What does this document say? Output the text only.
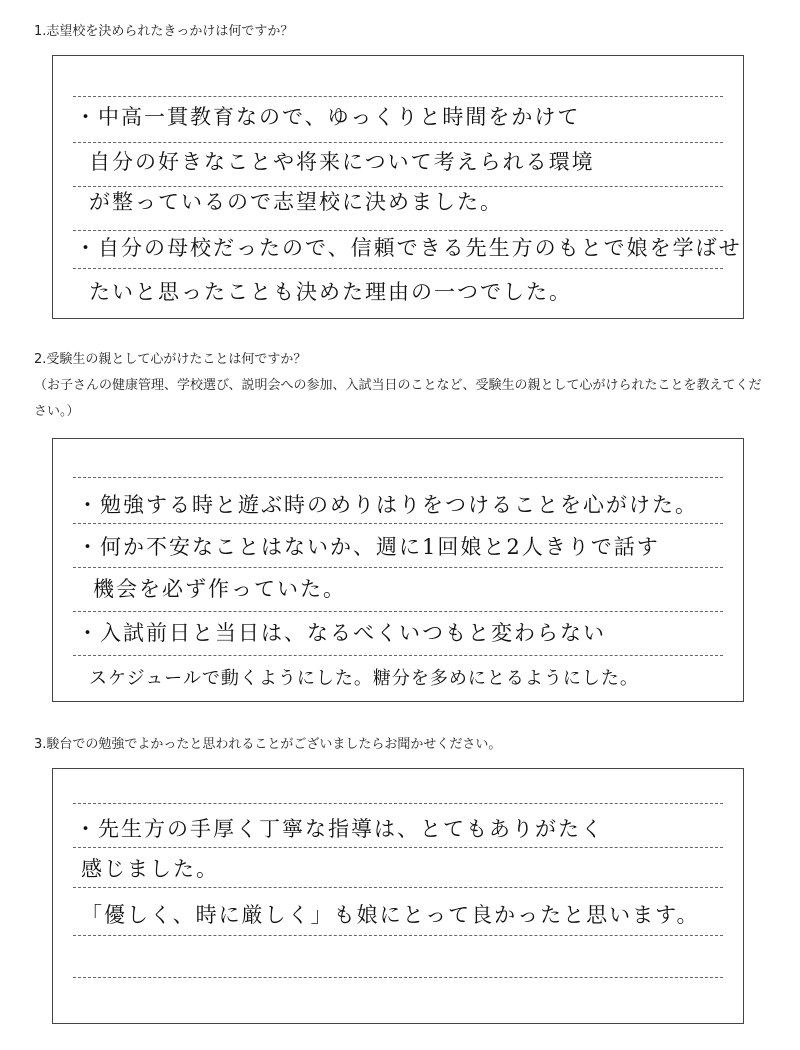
1.志望校を決められたきっかけは何ですか？

・中高一貫教育なので、ゆっくりと時間をかけて

自分の好きなことや将来について考えられる環境

が整っているので志望校に決めました。

・自分の母校だったので、信頼できる先生方のもとで娘を学ばせ

たいと思ったことも決めた理由の一つでした。

2.受験生の親として心がけたことは何ですか？

（お子さんの健康管理、学校選び、説明会への参加、入試当日のことなど、受験生の親として心がけられたことを教えてください。）

・勉強する時と遊ぶ時のめりはりをつけることを心がけた。

・何か不安なことはないか、週に1回娘と2人きりで話す

機会を必ず作っていた。

・入試前日と当日は、なるべくいつもと変わらない

スケジュールで動くようにした。糖分を多めにとるようにした。

3.駿台での勉強でよかったと思われることがございましたらお聞かせください。

・先生方の手厚く丁寧な指導は、とてもありがたく

感じました。

「優しく、時に厳しく」も娘にとって良かったと思います。
